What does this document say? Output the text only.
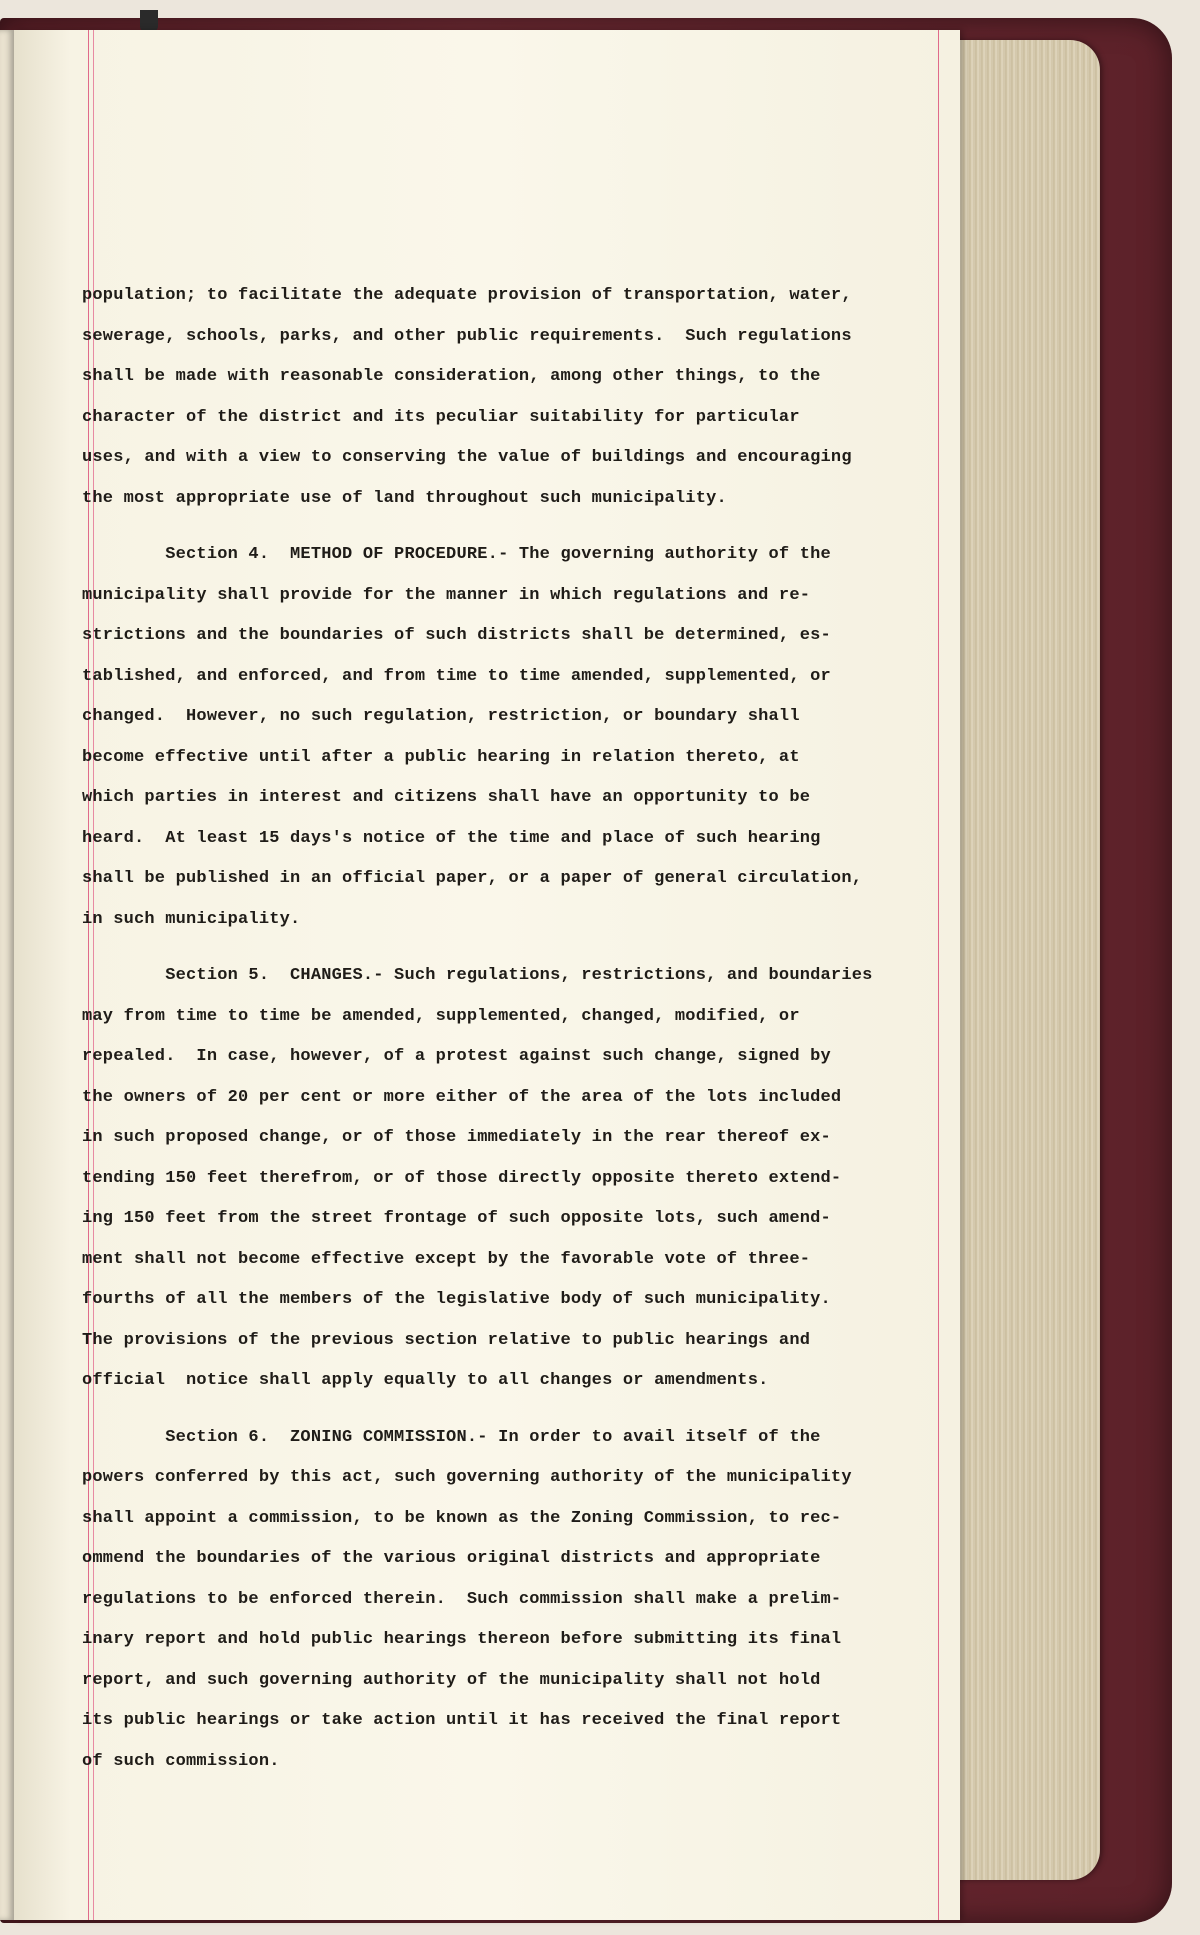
population; to facilitate the adequate provision of transportation, water,
sewerage, schools, parks, and other public requirements.  Such regulations
shall be made with reasonable consideration, among other things, to the
character of the district and its peculiar suitability for particular
uses, and with a view to conserving the value of buildings and encouraging
the most appropriate use of land throughout such municipality.
Section 4.  METHOD OF PROCEDURE.- The governing authority of the
municipality shall provide for the manner in which regulations and re-
strictions and the boundaries of such districts shall be determined, es-
tablished, and enforced, and from time to time amended, supplemented, or
changed.  However, no such regulation, restriction, or boundary shall
become effective until after a public hearing in relation thereto, at
which parties in interest and citizens shall have an opportunity to be
heard.  At least 15 days's notice of the time and place of such hearing
shall be published in an official paper, or a paper of general circulation,
in such municipality.
Section 5.  CHANGES.- Such regulations, restrictions, and boundaries
may from time to time be amended, supplemented, changed, modified, or
repealed.  In case, however, of a protest against such change, signed by
the owners of 20 per cent or more either of the area of the lots included
in such proposed change, or of those immediately in the rear thereof ex-
tending 150 feet therefrom, or of those directly opposite thereto extend-
ing 150 feet from the street frontage of such opposite lots, such amend-
ment shall not become effective except by the favorable vote of three-
fourths of all the members of the legislative body of such municipality.
The provisions of the previous section relative to public hearings and
official  notice shall apply equally to all changes or amendments.
Section 6.  ZONING COMMISSION.- In order to avail itself of the
powers conferred by this act, such governing authority of the municipality
shall appoint a commission, to be known as the Zoning Commission, to rec-
ommend the boundaries of the various original districts and appropriate
regulations to be enforced therein.  Such commission shall make a prelim-
inary report and hold public hearings thereon before submitting its final
report, and such governing authority of the municipality shall not hold
its public hearings or take action until it has received the final report
of such commission.
